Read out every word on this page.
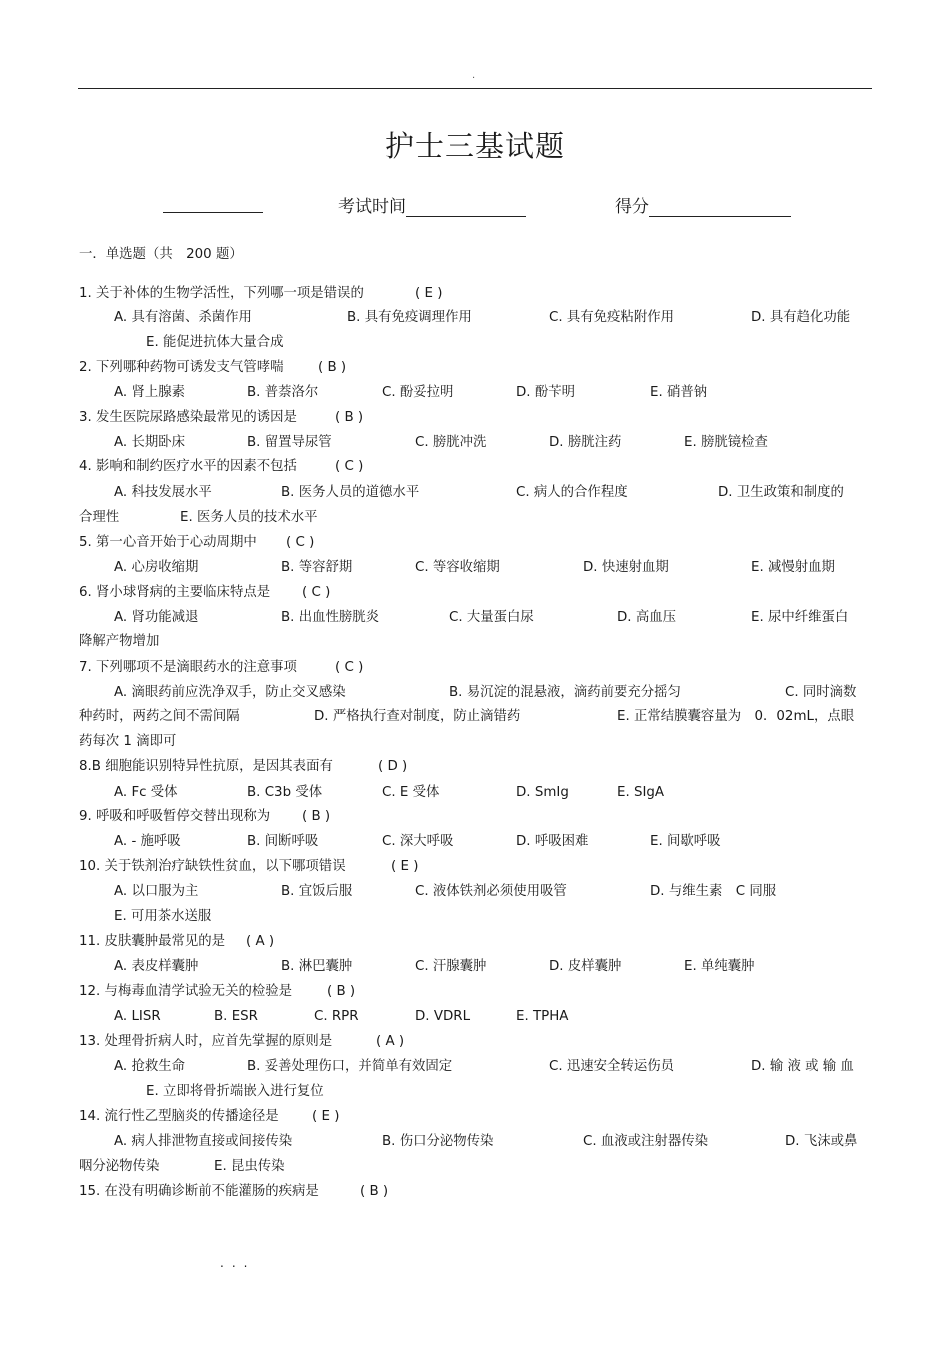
.
护士三基试题
考试时间	得分
一．单选题（共　200 题）
1. 关于补体的生物学活性，下列哪一项是错误的	( E )
A. 具有溶菌、杀菌作用	B. 具有免疫调理作用	C. 具有免疫粘附作用	D. 具有趋化功能
E. 能促进抗体大量合成
2. 下列哪种药物可诱发支气管哮喘	( B )
A. 肾上腺素	B. 普萘洛尔	C. 酚妥拉明	D. 酚苄明	E. 硝普钠
3. 发生医院尿路感染最常见的诱因是	( B )
A. 长期卧床	B. 留置导尿管	C. 膀胱冲洗	D. 膀胱注药	E. 膀胱镜检查
4. 影响和制约医疗水平的因素不包括	( C )
A. 科技发展水平	B. 医务人员的道德水平	C. 病人的合作程度	D. 卫生政策和制度的
合理性	E. 医务人员的技术水平
5. 第一心音开始于心动周期中 ( C )
A. 心房收缩期	B. 等容舒期	C. 等容收缩期	D. 快速射血期	E. 减慢射血期
6. 肾小球肾病的主要临床特点是 ( C )
A. 肾功能减退	B. 出血性膀胱炎	C. 大量蛋白尿	D. 高血压	E. 尿中纤维蛋白
降解产物增加
7. 下列哪项不是滴眼药水的注意事项	( C )
A. 滴眼药前应洗净双手，防止交叉感染	B. 易沉淀的混悬液，滴药前要充分摇匀	C. 同时滴数
种药时，两药之间不需间隔	D. 严格执行查对制度，防止滴错药	E. 正常结膜囊容量为　0．02mL，点眼
药每次 1 滴即可
8.B 细胞能识别特异性抗原，是因其表面有	( D )
A. Fc 受体	B. C3b 受体	C. E 受体	D. SmIg	E. SIgA
9. 呼吸和呼吸暂停交替出现称为 ( B )
A. - 施呼吸	B. 间断呼吸	C. 深大呼吸	D. 呼吸困难	E. 间歇呼吸
10. 关于铁剂治疗缺铁性贫血，以下哪项错误	( E )
A. 以口服为主	B. 宜饭后服	C. 液体铁剂必须使用吸管	D. 与维生素　C 同服
E. 可用茶水送服
11. 皮肤囊肿最常见的是 ( A )
A. 表皮样囊肿	B. 淋巴囊肿	C. 汗腺囊肿	D. 皮样囊肿	E. 单纯囊肿
12. 与梅毒血清学试验无关的检验是	( B )
A. LISR	B. ESR	C. RPR	D. VDRL	E. TPHA
13. 处理骨折病人时，应首先掌握的原则是	( A )
A. 抢救生命	B. 妥善处理伤口，并简单有效固定	C. 迅速安全转运伤员	D. 输 液 或 输 血
E. 立即将骨折端嵌入进行复位
14. 流行性乙型脑炎的传播途径是 ( E )
A. 病人排泄物直接或间接传染	B. 伤口分泌物传染	C. 血液或注射器传染	D. 飞沫或鼻
咽分泌物传染	E. 昆虫传染
15. 在没有明确诊断前不能灌肠的疾病是	( B )
...
